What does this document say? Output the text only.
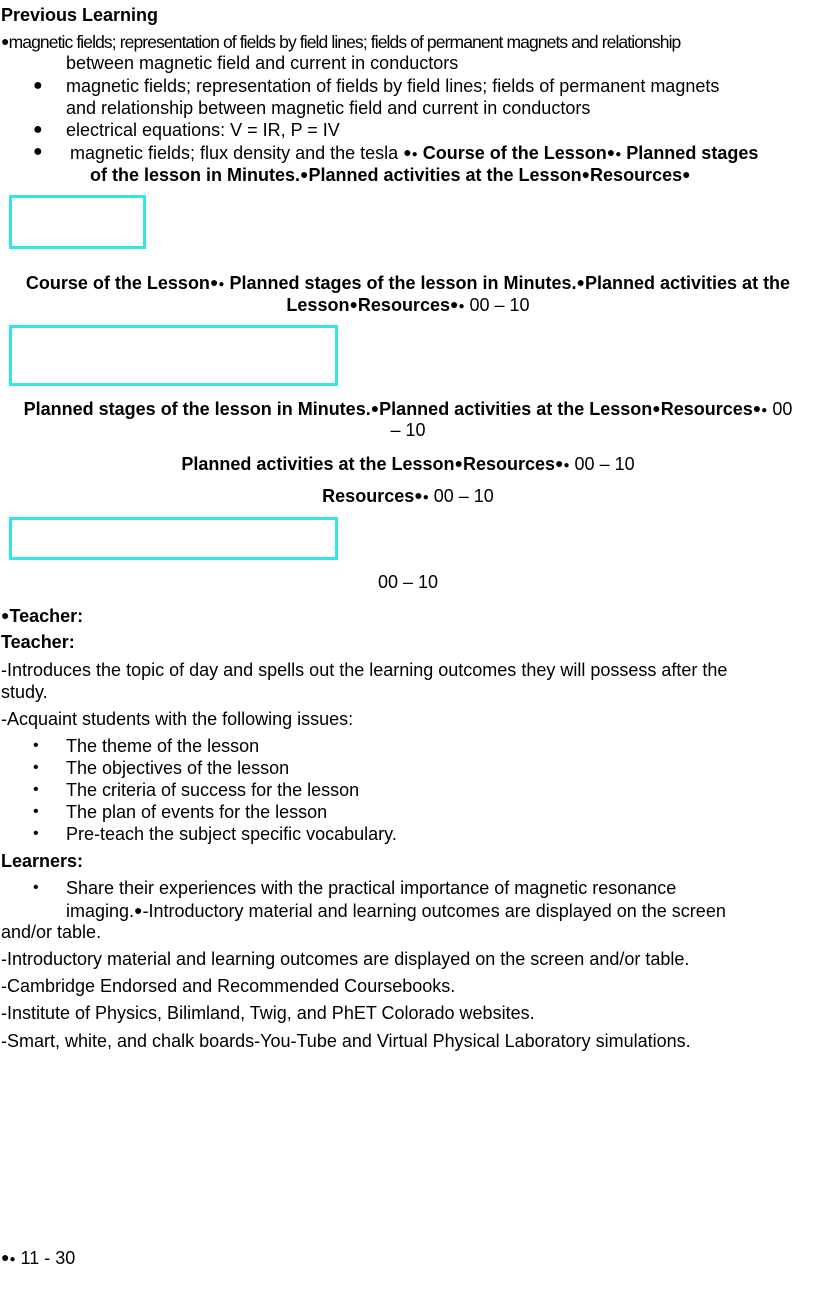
Previous Learning
●magnetic fields; representation of fields by field lines; fields of permanent magnets and relationship
between magnetic field and current in conductors
● magnetic fields; representation of fields by field lines; fields of permanent magnets
and relationship between magnetic field and current in conductors
● electrical equations: V = IR, P = IV
● magnetic fields; flux density and the tesla ●● Course of the Lesson●● Planned stages
of the lesson in Minutes.●Planned activities at the Lesson●Resources●
Course of the Lesson●● Planned stages of the lesson in Minutes.●Planned activities at the
Lesson●Resources●● 00 – 10
Planned stages of the lesson in Minutes.●Planned activities at the Lesson●Resources●● 00
– 10
Planned activities at the Lesson●Resources●● 00 – 10
Resources●● 00 – 10
00 – 10
●Teacher:
Teacher:
-Introduces the topic of day and spells out the learning outcomes they will possess after the
study.
-Acquaint students with the following issues:
• The theme of the lesson
• The objectives of the lesson
• The criteria of success for the lesson
• The plan of events for the lesson
• Pre-teach the subject specific vocabulary.
Learners:
• Share their experiences with the practical importance of magnetic resonance
imaging.●-Introductory material and learning outcomes are displayed on the screen
and/or table.
-Introductory material and learning outcomes are displayed on the screen and/or table.
-Cambridge Endorsed and Recommended Coursebooks.
-Institute of Physics, Bilimland, Twig, and PhET Colorado websites.
-Smart, white, and chalk boards-You-Tube and Virtual Physical Laboratory simulations.
●● 11 - 30
